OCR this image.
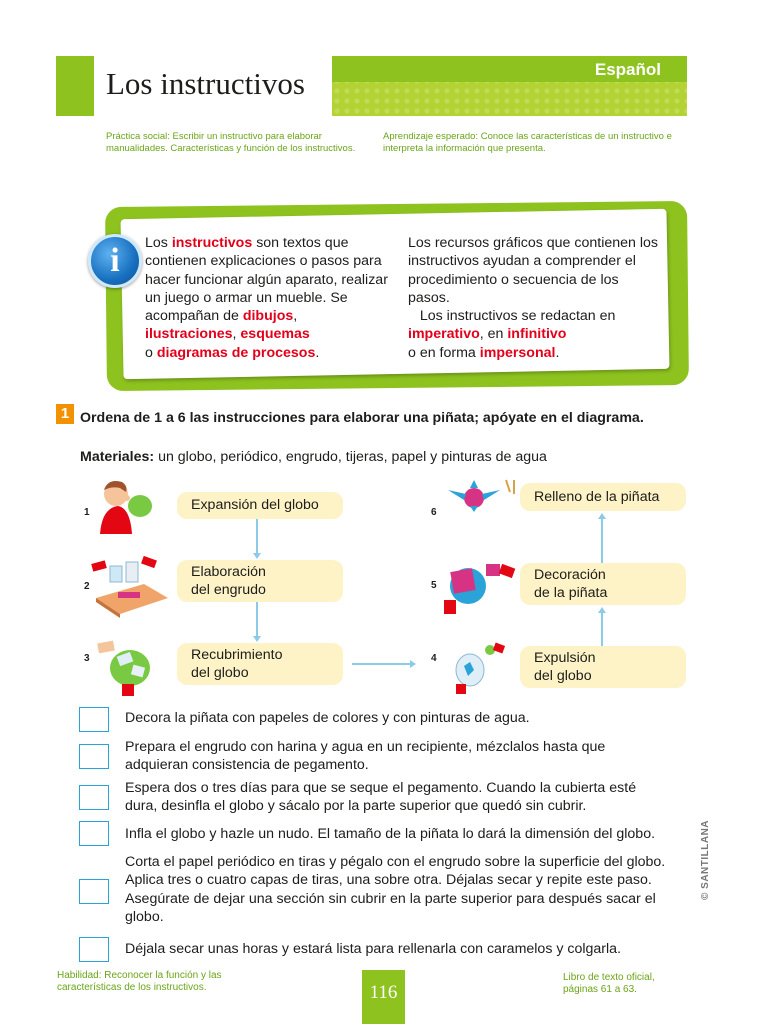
Los instructivos	Español
Práctica social: Escribir un instructivo para elaborar manualidades. Características y función de los instructivos.
Aprendizaje esperado: Conoce las características de un instructivo e interpreta la información que presenta.
i	Los instructivos son textos que contienen explicaciones o pasos para hacer funcionar algún aparato, realizar un juego o armar un mueble. Se acompañan de dibujos, ilustraciones, esquemas
o diagramas de procesos.
Los recursos gráficos que contienen los instructivos ayudan a comprender el procedimiento o secuencia de los pasos.
Los instructivos se redactan en imperativo, en infinitivo
o en forma impersonal.
1 Ordena de 1 a 6 las instrucciones para elaborar una piñata; apóyate en el diagrama.
Materiales: un globo, periódico, engrudo, tijeras, papel y pinturas de agua
1
2
3	4
5
6
Expansión del globo
Elaboración
del engrudo
Recubrimiento
del globo
Expulsión
del globo
Decoración
de la piñata
Relleno de la piñata
Decora la piñata con papeles de colores y con pinturas de agua.
Prepara el engrudo con harina y agua en un recipiente, mézclalos hasta que adquieran consistencia de pegamento.
Espera dos o tres días para que se seque el pegamento. Cuando la cubierta esté dura, desinfla el globo y sácalo por la parte superior que quedó sin cubrir.
Infla el globo y hazle un nudo. El tamaño de la piñata lo dará la dimensión del globo.
Corta el papel periódico en tiras y pégalo con el engrudo sobre la superficie del globo. Aplica tres o cuatro capas de tiras, una sobre otra. Déjalas secar y repite este paso. Asegúrate de dejar una sección sin cubrir en la parte superior para después sacar el globo.
Déjala secar unas horas y estará lista para rellenarla con caramelos y colgarla.
Habilidad: Reconocer la función y las características de los instructivos.	116
Libro de texto oficial, páginas 61 a 63.
© SANTILLANA
